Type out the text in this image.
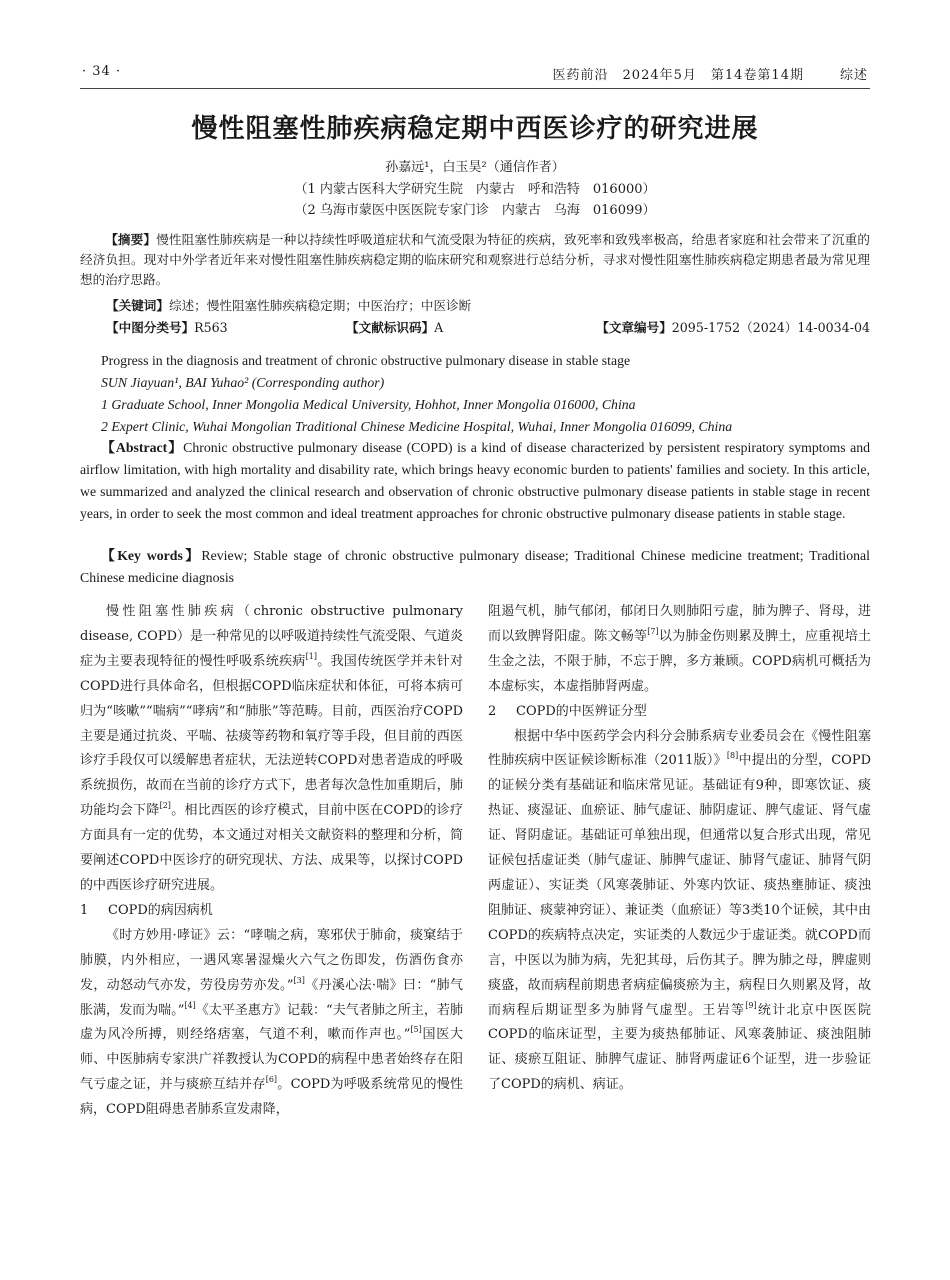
· 34 ·	医药前沿 2024年5月 第14卷第14期	综述
慢性阻塞性肺疾病稳定期中西医诊疗的研究进展
孙嘉远¹，白玉昊²（通信作者）
（1 内蒙古医科大学研究生院　内蒙古　呼和浩特　016000）
（2 乌海市蒙医中医医院专家门诊　内蒙古　乌海　016099）
【摘要】慢性阻塞性肺疾病是一种以持续性呼吸道症状和气流受限为特征的疾病，致死率和致残率极高，给患者家庭和社会带来了沉重的经济负担。现对中外学者近年来对慢性阻塞性肺疾病稳定期的临床研究和观察进行总结分析，寻求对慢性阻塞性肺疾病稳定期患者最为常见理想的治疗思路。
【关键词】综述；慢性阻塞性肺疾病稳定期；中医治疗；中医诊断
【中图分类号】R563	【文献标识码】A	【文章编号】2095-1752（2024）14-0034-04
Progress in the diagnosis and treatment of chronic obstructive pulmonary disease in stable stage
SUN Jiayuan¹, BAI Yuhao² (Corresponding author)
1 Graduate School, Inner Mongolia Medical University, Hohhot, Inner Mongolia 016000, China
2 Expert Clinic, Wuhai Mongolian Traditional Chinese Medicine Hospital, Wuhai, Inner Mongolia 016099, China
【Abstract】Chronic obstructive pulmonary disease (COPD) is a kind of disease characterized by persistent respiratory symptoms and airflow limitation, with high mortality and disability rate, which brings heavy economic burden to patients' families and society. In this article, we summarized and analyzed the clinical research and observation of chronic obstructive pulmonary disease patients in stable stage in recent years, in order to seek the most common and ideal treatment approaches for chronic obstructive pulmonary disease patients in stable stage.
【Key words】Review; Stable stage of chronic obstructive pulmonary disease; Traditional Chinese medicine treatment; Traditional Chinese medicine diagnosis

慢性阻塞性肺疾病（chronic obstructive pulmonary disease, COPD）是一种常见的以呼吸道持续性气流受限、气道炎症为主要表现特征的慢性呼吸系统疾病[1]。我国传统医学并未针对COPD进行具体命名，但根据COPD临床症状和体征，可将本病可归为“咳嗽”“喘病”“哮病”和“肺胀”等范畴。目前，西医治疗COPD主要是通过抗炎、平喘、祛痰等药物和氧疗等手段，但目前的西医诊疗手段仅可以缓解患者症状，无法逆转COPD对患者造成的呼吸系统损伤，故而在当前的诊疗方式下，患者每次急性加重期后，肺功能均会下降[2]。相比西医的诊疗模式，目前中医在COPD的诊疗方面具有一定的优势，本文通过对相关文献资料的整理和分析，简要阐述COPD中医诊疗的研究现状、方法、成果等，以探讨COPD的中西医诊疗研究进展。

1 COPD的病因病机

《时方妙用·哮证》云：“哮喘之病，寒邪伏于肺俞，痰窠结于肺膜，内外相应，一遇风寒暑湿燥火六气之伤即发，伤酒伤食亦发，动怒动气亦发，劳役房劳亦发。”[3]《丹溪心法·喘》曰：“肺气胀满，发而为喘。”[4]《太平圣惠方》记载：“夫气者肺之所主，若肺虚为风冷所搏，则经络痞塞，气道不利，嗽而作声也。”[5]国医大师、中医肺病专家洪广祥教授认为COPD的病程中患者始终存在阳气亏虚之证，并与痰瘀互结并存[6]。COPD为呼吸系统常见的慢性病，COPD阻碍患者肺系宣发肃降，

阻遏气机，肺气郁闭，郁闭日久则肺阳亏虚，肺为脾子、肾母，进而以致脾肾阳虚。陈文畅等[7]以为肺金伤则累及脾土，应重视培土生金之法，不限于肺，不忘于脾，多方兼顾。COPD病机可概括为本虚标实，本虚指肺肾两虚。

2 COPD的中医辨证分型

根据中华中医药学会内科分会肺系病专业委员会在《慢性阻塞性肺疾病中医证候诊断标准（2011版）》[8]中提出的分型，COPD的证候分类有基础证和临床常见证。基础证有9种，即寒饮证、痰热证、痰湿证、血瘀证、肺气虚证、肺阴虚证、脾气虚证、肾气虚证、肾阴虚证。基础证可单独出现，但通常以复合形式出现，常见证候包括虚证类（肺气虚证、肺脾气虚证、肺肾气虚证、肺肾气阴两虚证）、实证类（风寒袭肺证、外寒内饮证、痰热壅肺证、痰浊阻肺证、痰蒙神窍证）、兼证类（血瘀证）等3类10个证候，其中由COPD的疾病特点决定，实证类的人数远少于虚证类。就COPD而言，中医以为肺为病，先犯其母，后伤其子。脾为肺之母，脾虚则痰盛，故而病程前期患者病症偏痰瘀为主，病程日久则累及肾，故而病程后期证型多为肺肾气虚型。王岩等[9]统计北京中医医院COPD的临床证型，主要为痰热郁肺证、风寒袭肺证、痰浊阻肺证、痰瘀互阻证、肺脾气虚证、肺肾两虚证6个证型，进一步验证了COPD的病机、病证。
